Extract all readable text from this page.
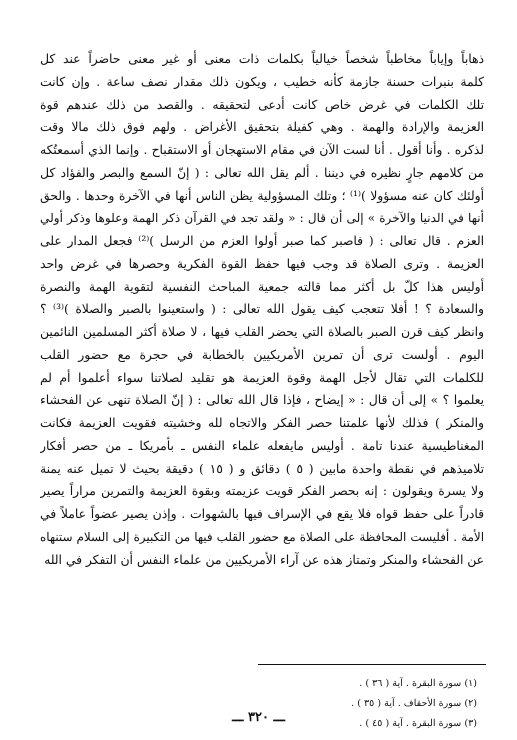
ذهاباً وإياباً مخاطباً شخصاً خيالياً بكلمات ذات معنى أو غير معنى حاضراً عند كل
كلمة بنبرات حسنة جازمة كأنه خطيب ، ويكون ذلك مقدار نصف ساعة . وإن كانت
تلك الكلمات في غرض خاص كانت أدعى لتحقيقه . والقصد من ذلك عندهم قوة
العزيمة والإرادة والهمة . وهي كفيلة بتحقيق الأغراض . ولهم فوق ذلك مالا وقت
لذكره . وأنا أقول . أنا لست الآن في مقام الاستهجان أو الاستقباح . وإنما الذي أسمعتُكه
من كلامهم جارٍ نظيره في ديننا . ألم يقل الله تعالى : ( إنّ السمع والبصر والفؤاد كل
أولئك كان عنه مسؤولا )⁽¹⁾ ؛ وتلك المسؤولية يظن الناس أنها في الآخرة وحدها . والحق
أنها في الدنيا والآخرة » إلى أن قال : « ولقد تجد في القرآن ذكر الهمة وعلوها وذكر أولي
العزم . قال تعالى : ( فاصبر كما صبر أولوا العزم من الرسل )⁽²⁾ فجعل المدار على
العزيمة . وترى الصلاة قد وجب فيها حفظ القوة الفكرية وحصرها في غرض واحد
أوليس هذا كلّ بل أكثر مما قالته جمعية المباحث النفسية لتقوية الهمة والنصرة
والسعادة ؟ ! أفلا تتعجب كيف يقول الله تعالى : ( واستعينوا بالصبر والصلاة )⁽³⁾ ؟
وانظر كيف قرن الصبر بالصلاة التي يحضر القلب فيها ، لا صلاة أكثر المسلمين النائمين
اليوم . أولست ترى أن تمرين الأمريكيين بالخطابة في حجرة مع حضور القلب
للكلمات التي تقال لأجل الهمة وقوة العزيمة هو تقليد لصلاتنا سواء أعلموا أم لم
يعلموا ؟ » إلى أن قال : « إيضاح ، فإذا قال الله تعالى : ( إنّ الصلاة تنهى عن الفحشاء
والمنكر ) فذلك لأنها علمتنا حصر الفكر والاتجاه لله وخشيته فقويت العزيمة فكانت
المغناطيسية عندنا تامة . أوليس مايفعله علماء النفس ـ بأمريكا ـ من حصر أفكار
تلاميذهم في نقطة واحدة مابين ( ٥ ) دقائق و ( ١٥ ) دقيقة بحيث لا تميل عنه يمنة
ولا يسرة ويقولون : إنه بحصر الفكر قويت عزيمته وبقوة العزيمة والتمرين مراراً يصير
قادراً على حفظ قواه فلا يقع في الإسراف فيها بالشهوات . وإذن يصير عضواً عاملاً في
الأمة . أفليست المحافظة على الصلاة مع حضور القلب فيها من التكبيرة إلى السلام ستنهاه
عن الفحشاء والمنكر وتمتاز هذه عن آراء الأمريكيين من علماء النفس أن التفكر في الله
(١) سورة البقرة . آية ( ٣٦ ) .
(٢) سورة الأحقاف . آية ( ٣٥ ) .
(٣) سورة البقرة . آية ( ٤٥ ) .
ـــ ٣٢٠ ـــ
